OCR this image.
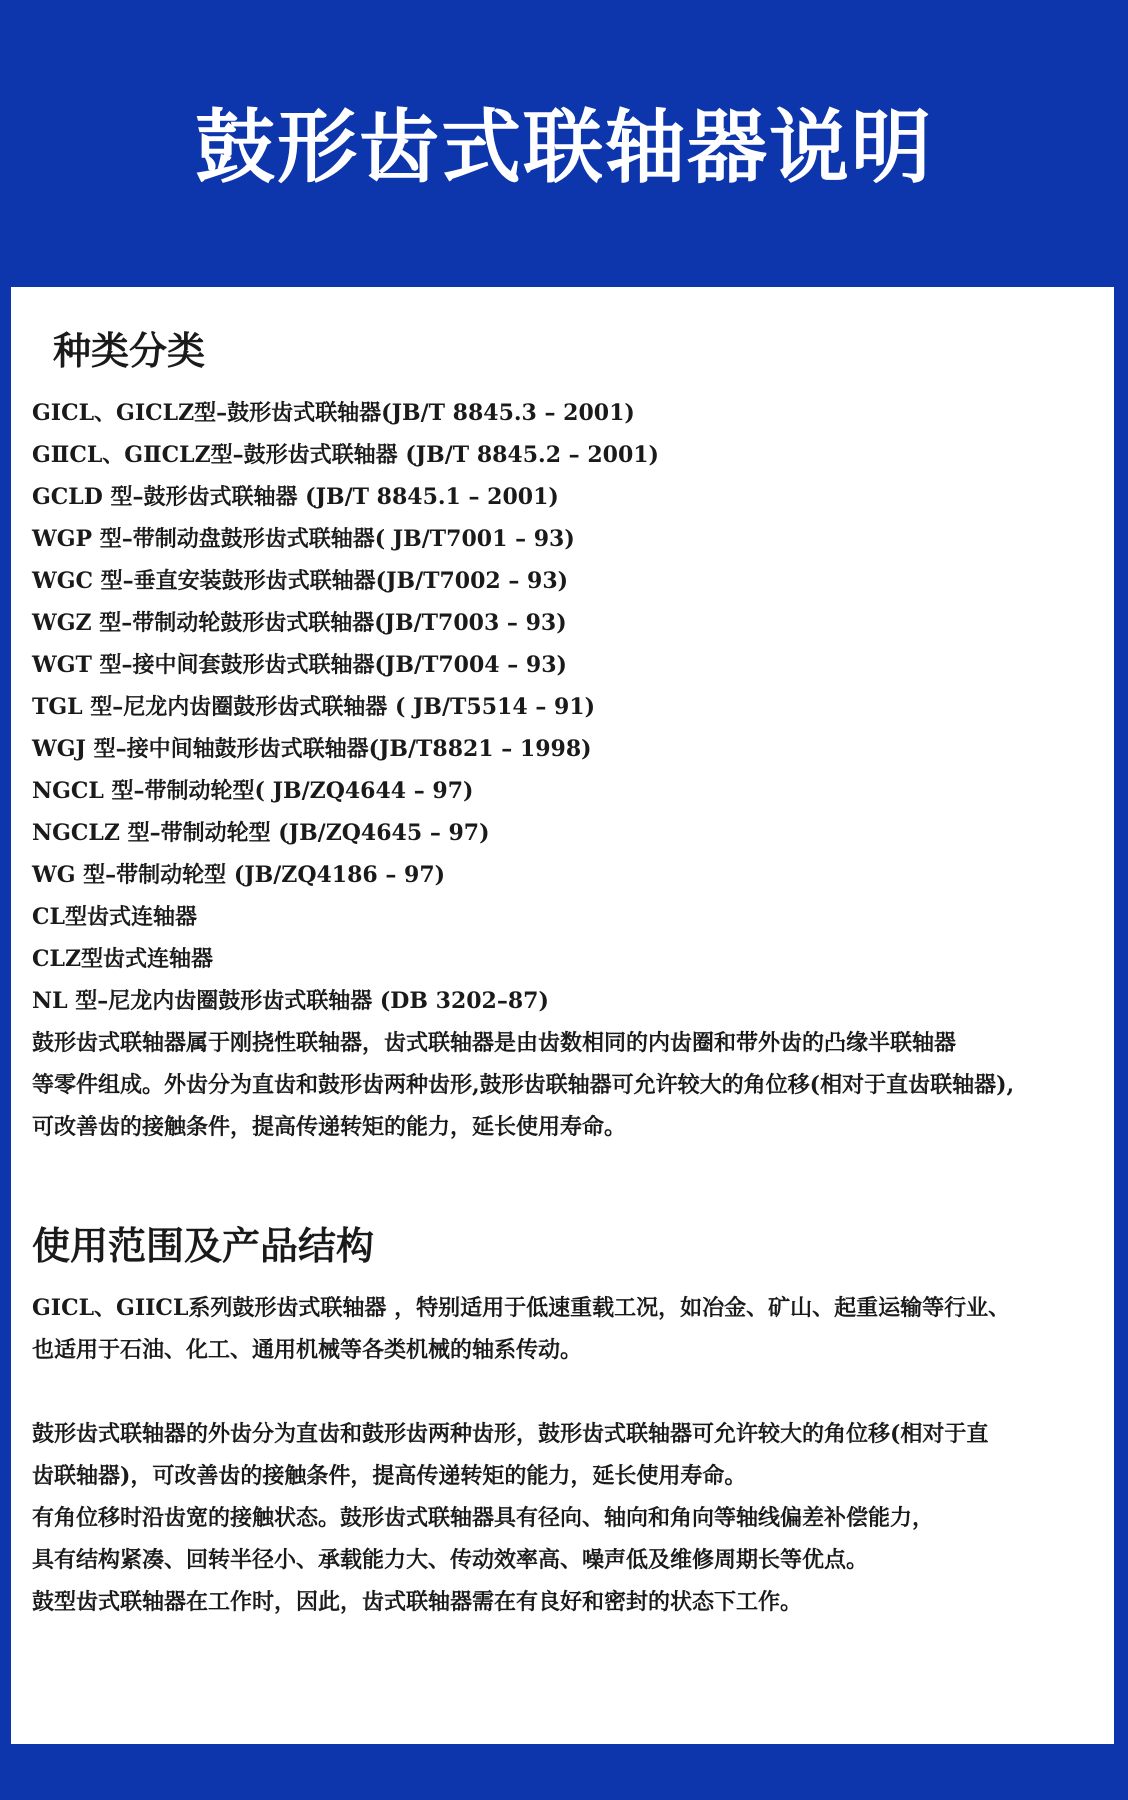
鼓形齿式联轴器说明
种类分类
GⅠCL、GⅠCLZ型–鼓形齿式联轴器(JB/T 8845.3 – 2001)
GⅡCL、GⅡCLZ型–鼓形齿式联轴器 (JB/T 8845.2 – 2001)
GCLD 型–鼓形齿式联轴器 (JB/T 8845.1 – 2001)
WGP 型–带制动盘鼓形齿式联轴器( JB/T7001 – 93)
WGC 型–垂直安装鼓形齿式联轴器(JB/T7002 – 93)
WGZ 型–带制动轮鼓形齿式联轴器(JB/T7003 – 93)
WGT 型–接中间套鼓形齿式联轴器(JB/T7004 – 93)
TGL 型–尼龙内齿圈鼓形齿式联轴器 ( JB/T5514 – 91)
WGJ 型–接中间轴鼓形齿式联轴器(JB/T8821 – 1998)
NGCL 型–带制动轮型( JB/ZQ4644 – 97)
NGCLZ 型–带制动轮型 (JB/ZQ4645 – 97)
WG 型–带制动轮型 (JB/ZQ4186 – 97)
CL型齿式连轴器
CLZ型齿式连轴器
NL 型–尼龙内齿圈鼓形齿式联轴器 (DB 3202–87)
鼓形齿式联轴器属于刚挠性联轴器，齿式联轴器是由齿数相同的内齿圈和带外齿的凸缘半联轴器
等零件组成。外齿分为直齿和鼓形齿两种齿形,鼓形齿联轴器可允许较大的角位移(相对于直齿联轴器),
可改善齿的接触条件，提高传递转矩的能力，延长使用寿命。
使用范围及产品结构
GICL、GIICL系列鼓形齿式联轴器 ，特别适用于低速重载工况，如冶金、矿山、起重运输等行业、
也适用于石油、化工、通用机械等各类机械的轴系传动。
鼓形齿式联轴器的外齿分为直齿和鼓形齿两种齿形，鼓形齿式联轴器可允许较大的角位移(相对于直
齿联轴器)，可改善齿的接触条件，提高传递转矩的能力，延长使用寿命。
有角位移时沿齿宽的接触状态。鼓形齿式联轴器具有径向、轴向和角向等轴线偏差补偿能力，
具有结构紧凑、回转半径小、承载能力大、传动效率高、噪声低及维修周期长等优点。
鼓型齿式联轴器在工作时，因此，齿式联轴器需在有良好和密封的状态下工作。
